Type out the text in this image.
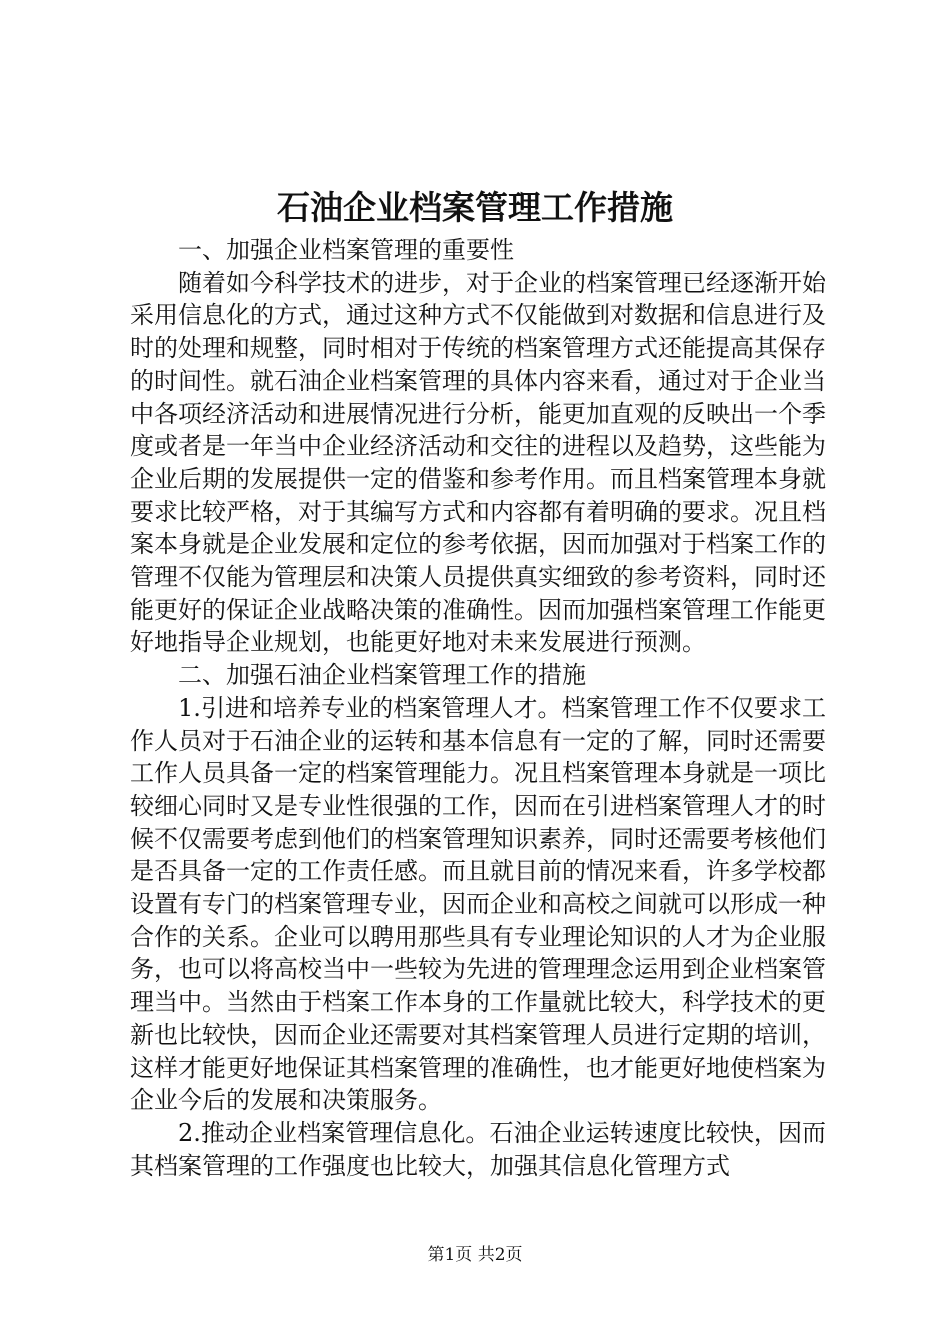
石油企业档案管理工作措施

一、加强企业档案管理的重要性

随着如今科学技术的进步，对于企业的档案管理已经逐渐开始采用信息化的方式，通过这种方式不仅能做到对数据和信息进行及时的处理和规整，同时相对于传统的档案管理方式还能提高其保存的时间性。就石油企业档案管理的具体内容来看，通过对于企业当中各项经济活动和进展情况进行分析，能更加直观的反映出一个季度或者是一年当中企业经济活动和交往的进程以及趋势，这些能为企业后期的发展提供一定的借鉴和参考作用。而且档案管理本身就要求比较严格，对于其编写方式和内容都有着明确的要求。况且档案本身就是企业发展和定位的参考依据，因而加强对于档案工作的管理不仅能为管理层和决策人员提供真实细致的参考资料，同时还能更好的保证企业战略决策的准确性。因而加强档案管理工作能更好地指导企业规划，也能更好地对未来发展进行预测。

二、加强石油企业档案管理工作的措施

1.引进和培养专业的档案管理人才。档案管理工作不仅要求工作人员对于石油企业的运转和基本信息有一定的了解，同时还需要工作人员具备一定的档案管理能力。况且档案管理本身就是一项比较细心同时又是专业性很强的工作，因而在引进档案管理人才的时候不仅需要考虑到他们的档案管理知识素养，同时还需要考核他们是否具备一定的工作责任感。而且就目前的情况来看，许多学校都设置有专门的档案管理专业，因而企业和高校之间就可以形成一种合作的关系。企业可以聘用那些具有专业理论知识的人才为企业服务，也可以将高校当中一些较为先进的管理理念运用到企业档案管理当中。当然由于档案工作本身的工作量就比较大，科学技术的更新也比较快，因而企业还需要对其档案管理人员进行定期的培训，这样才能更好地保证其档案管理的准确性，也才能更好地使档案为企业今后的发展和决策服务。

2.推动企业档案管理信息化。石油企业运转速度比较快，因而其档案管理的工作强度也比较大，加强其信息化管理方式

第1页 共2页
